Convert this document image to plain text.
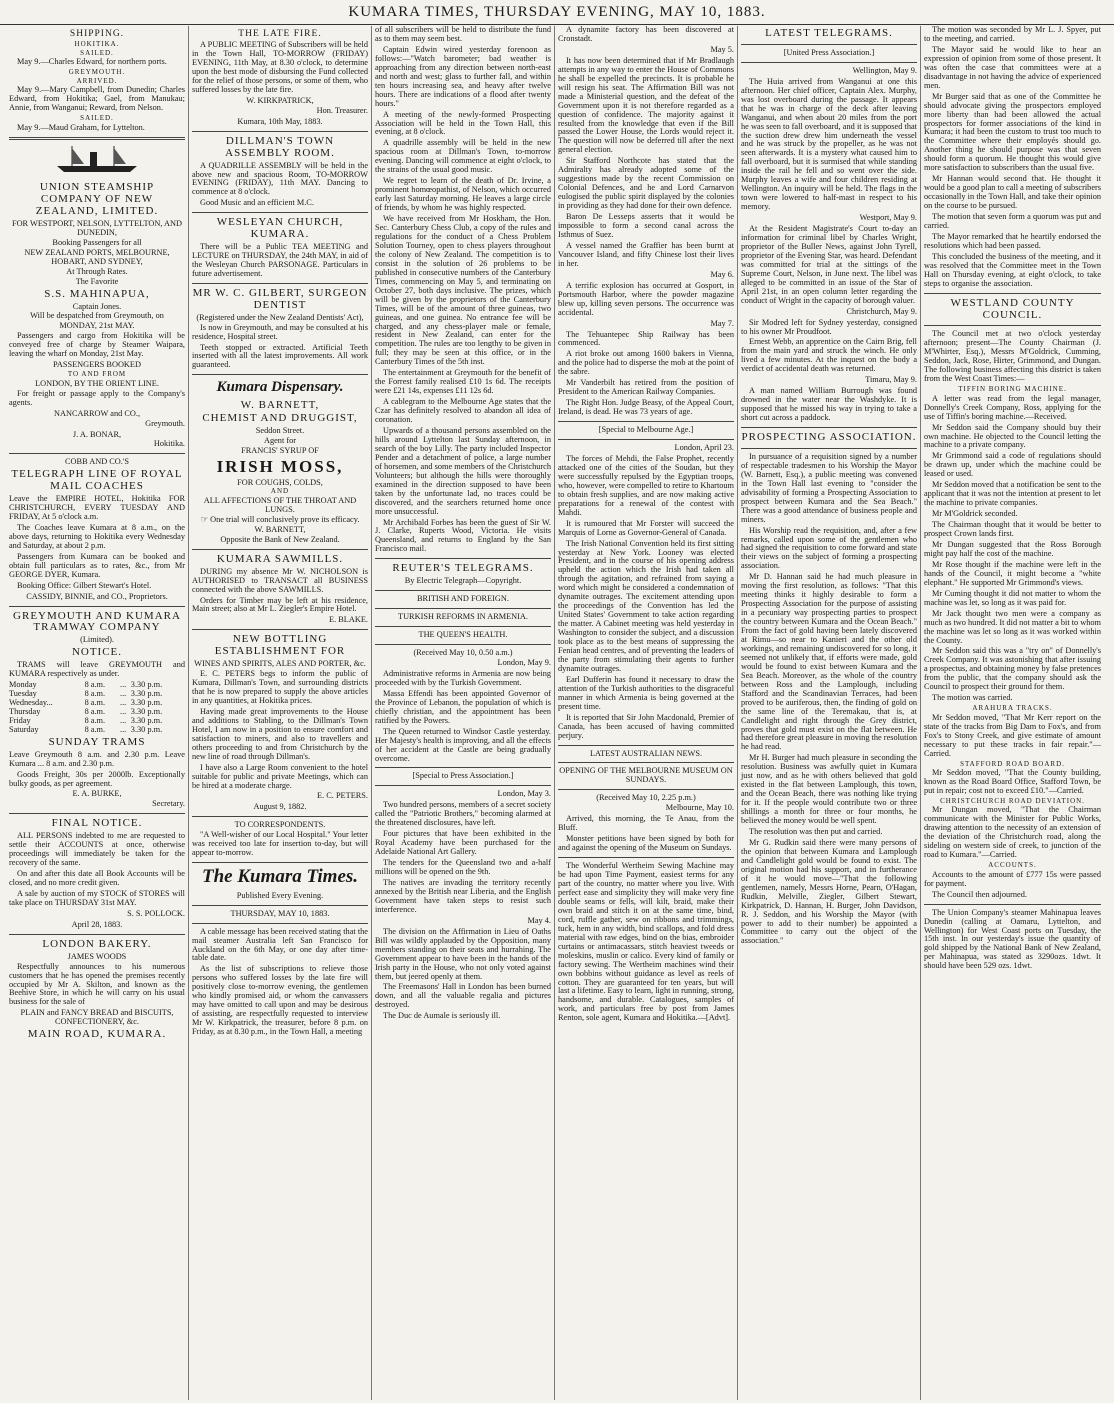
KUMARA TIMES, THURSDAY EVENING, MAY 10, 1883.
SHIPPING.
HOKITIKA.
SAILED.

May 9.—Charles Edward, for northern ports.

GREYMOUTH.
ARRIVED.

May 9.—Mary Campbell, from Dunedin; Charles Edward, from Hokitika; Gael, from Manukau; Annie, from Wanganui; Reward, from Nelson.

SAILED.

May 9.—Maud Graham, for Lyttelton.

UNION STEAMSHIP COMPANY OF NEW ZEALAND, LIMITED.
FOR WESTPORT, NELSON, LYTTELTON, AND DUNEDIN,
Booking Passengers for all
NEW ZEALAND PORTS, MELBOURNE, HOBART, AND SYDNEY,
At Through Rates.
The Favorite
S.S. MAHINAPUA,
Captain Jones.
Will be despatched from Greymouth, on
MONDAY, 21st MAY.

Passengers and cargo from Hokitika will be conveyed free of charge by Steamer Waipara, leaving the wharf on Monday, 21st May.

PASSENGERS BOOKED
TO AND FROM
LONDON, BY THE ORIENT LINE.

For freight or passage apply to the Company's agents.

NANCARROW and CO.,
Greymouth.
J. A. BONAR,
Hokitika.
COBB AND CO.'S
TELEGRAPH LINE OF ROYAL MAIL COACHES

Leave the EMPIRE HOTEL, Hokitika FOR CHRISTCHURCH, EVERY TUESDAY AND FRIDAY, At 5 o'clock a.m.

The Coaches leave Kumara at 8 a.m., on the above days, returning to Hokitika every Wednesday and Saturday, at about 2 p.m.

Passengers from Kumara can be booked and obtain full particulars as to rates, &c., from Mr GEORGE DYER, Kumara.

Booking Office: Gilbert Stewart's Hotel.

CASSIDY, BINNIE, and CO., Proprietors.
GREYMOUTH AND KUMARA TRAMWAY COMPANY
(Limited).
NOTICE.

TRAMS will leave GREYMOUTH and KUMARA respectively as under.

Monday	8 a.m.	...	3.30 p.m.
Tuesday	8 a.m.	...	3.30 p.m.
Wednesday...	8 a.m.	...	3.30 p.m.
Thursday	8 a.m.	...	3.30 p.m.
Friday	8 a.m.	...	3.30 p.m.
Saturday	8 a.m.	...	3.30 p.m.
SUNDAY TRAMS

Leave Greymouth 8 a.m. and 2.30 p.m. Leave Kumara ... 8 a.m. and 2.30 p.m.

Goods Freight, 30s per 2000lb. Exceptionally bulky goods, as per agreement.

E. A. BURKE,
Secretary.
FINAL NOTICE.

ALL PERSONS indebted to me are requested to settle their ACCOUNTS at once, otherwise proceedings will immediately be taken for the recovery of the same.

On and after this date all Book Accounts will be closed, and no more credit given.

A sale by auction of my STOCK of STORES will take place on THURSDAY 31st MAY.

S. S. POLLOCK.
April 28, 1883.
LONDON BAKERY.
JAMES WOODS

Respectfully announces to his numerous customers that he has opened the premises recently occupied by Mr A. Skilton, and known as the Beehive Store, in which he will carry on his usual business for the sale of

PLAIN and FANCY BREAD and BISCUITS, CONFECTIONERY, &c.
MAIN ROAD, KUMARA.
THE LATE FIRE.

A PUBLIC MEETING of Subscribers will be held in the Town Hall, TO-MORROW (FRIDAY) EVENING, 11th May, at 8.30 o'clock, to determine upon the best mode of disbursing the Fund collected for the relief of those persons, or some of them, who suffered losses by the late fire.

W. KIRKPATRICK,
Hon. Treasurer.
Kumara, 10th May, 1883.
DILLMAN'S TOWN ASSEMBLY ROOM.

A QUADRILLE ASSEMBLY will be held in the above new and spacious Room, TO-MORROW EVENING (FRIDAY), 11th MAY. Dancing to commence at 8 o'clock.

Good Music and an efficient M.C.

WESLEYAN CHURCH, KUMARA.

There will be a Public TEA MEETING and LECTURE on THURSDAY, the 24th MAY, in aid of the Wesleyan Church PARSONAGE. Particulars in future advertisement.

MR W. C. GILBERT, SURGEON DENTIST
(Registered under the New Zealand Dentists' Act),

Is now in Greymouth, and may be consulted at his residence, Hospital street.

Teeth stopped or extracted. Artificial Teeth inserted with all the latest improvements. All work guaranteed.

Kumara Dispensary.
W. BARNETT,
CHEMIST AND DRUGGIST,
Seddon Street.
Agent for
FRANCIS' SYRUP OF
IRISH MOSS,
FOR COUGHS, COLDS,
AND
ALL AFFECTIONS OF THE THROAT AND LUNGS.
☞ One trial will conclusively prove its efficacy.
W. BARNETT,
Opposite the Bank of New Zealand.
KUMARA SAWMILLS.

DURING my absence Mr W. NICHOLSON is AUTHORISED to TRANSACT all BUSINESS connected with the above SAWMILLS.

Orders for Timber may be left at his residence, Main street; also at Mr L. Ziegler's Empire Hotel.

E. BLAKE.
NEW BOTTLING ESTABLISHMENT FOR
WINES AND SPIRITS, ALES AND PORTER, &c.

E. C. PETERS begs to inform the public of Kumara, Dillman's Town, and surrounding districts that he is now prepared to supply the above articles in any quantities, at Hokitika prices.

Having made great improvements to the House and additions to Stabling, to the Dillman's Town Hotel, I am now in a position to ensure comfort and satisfaction to miners, and also to travellers and others proceeding to and from Christchurch by the new line of road through Dillman's.

I have also a Large Room convenient to the hotel suitable for public and private Meetings, which can be hired at a moderate charge.

E. C. PETERS.
August 9, 1882.
TO CORRESPONDENTS.

"A Well-wisher of our Local Hospital." Your letter was received too late for insertion to-day, but will appear to-morrow.

The Kumara Times.
Published Every Evening.
THURSDAY, MAY 10, 1883.

A cable message has been received stating that the mail steamer Australia left San Francisco for Auckland on the 6th May, or one day after time-table date.

As the list of subscriptions to relieve those persons who suffered losses by the late fire will positively close to-morrow evening, the gentlemen who kindly promised aid, or whom the canvassers may have omitted to call upon and may be desirous of assisting, are respectfully requested to interview Mr W. Kirkpatrick, the treasurer, before 8 p.m. on Friday, as at 8.30 p.m., in the Town Hall, a meeting

of all subscribers will be held to distribute the fund as to them may seem best.

Captain Edwin wired yesterday forenoon as follows:—"Watch barometer; bad weather is approaching from any direction between north-east and north and west; glass to further fall, and within ten hours increasing sea, and heavy after twelve hours. There are indications of a flood after twenty hours."

A meeting of the newly-formed Prospecting Association will be held in the Town Hall, this evening, at 8 o'clock.

A quadrille assembly will be held in the new spacious room at Dillman's Town, to-morrow evening. Dancing will commence at eight o'clock, to the strains of the usual good music.

We regret to learn of the death of Dr. Irvine, a prominent homœopathist, of Nelson, which occurred early last Saturday morning. He leaves a large circle of friends, by whom he was highly respected.

We have received from Mr Hoskham, the Hon. Sec. Canterbury Chess Club, a copy of the rules and regulations for the conduct of a Chess Problem Solution Tourney, open to chess players throughout the colony of New Zealand. The competition is to consist in the solution of 26 problems to be published in consecutive numbers of the Canterbury Times, commencing on May 5, and terminating on October 27, both days inclusive. The prizes, which will be given by the proprietors of the Canterbury Times, will be of the amount of three guineas, two guineas, and one guinea. No entrance fee will be charged, and any chess-player male or female, resident in New Zealand, can enter for the competition. The rules are too lengthy to be given in full; they may be seen at this office, or in the Canterbury Times of the 5th inst.

The entertainment at Greymouth for the benefit of the Forrest family realised £10 1s 6d. The receipts were £21 14s, expenses £11 12s 6d.

A cablegram to the Melbourne Age states that the Czar has definitely resolved to abandon all idea of coronation.

Upwards of a thousand persons assembled on the hills around Lyttelton last Sunday afternoon, in search of the boy Lilly. The party included Inspector Pender and a detachment of police, a large number of horsemen, and some members of the Christchurch Volunteers; but although the hills were thoroughly examined in the direction supposed to have been taken by the unfortunate lad, no traces could be discovered, and the searchers returned home once more unsuccessful.

Mr Archibald Forbes has been the guest of Sir W. J. Clarke, Ruperts Wood, Victoria. He visits Queensland, and returns to England by the San Francisco mail.

REUTER'S TELEGRAMS.
By Electric Telegraph—Copyright.
BRITISH AND FOREIGN.
TURKISH REFORMS IN ARMENIA.
THE QUEEN'S HEALTH.
(Received May 10, 0.50 a.m.)
London, May 9.

Administrative reforms in Armenia are now being proceeded with by the Turkish Government.

Massa Effendi has been appointed Governor of the Province of Lebanon, the population of which is chiefly christian, and the appointment has been ratified by the Powers.

The Queen returned to Windsor Castle yesterday. Her Majesty's health is improving, and all the effects of her accident at the Castle are being gradually overcome.

[Special to Press Association.]
London, May 3.

Two hundred persons, members of a secret society called the "Patriotic Brothers," becoming alarmed at the threatened disclosures, have left.

Four pictures that have been exhibited in the Royal Academy have been purchased for the Adelaide National Art Gallery.

The tenders for the Queensland two and a-half millions will be opened on the 9th.

The natives are invading the territory recently annexed by the British near Liberia, and the English Government have taken steps to resist such interference.

May 4.

The division on the Affirmation in Lieu of Oaths Bill was wildly applauded by the Opposition, many members standing on their seats and hurrahing. The Government appear to have been in the hands of the Irish party in the House, who not only voted against them, but jeered openly at them.

The Freemasons' Hall in London has been burned down, and all the valuable regalia and pictures destroyed.

The Duc de Aumale is seriously ill.

A dynamite factory has been discovered at Cronstadt.

May 5.

It has now been determined that if Mr Bradlaugh attempts in any way to enter the House of Commons he shall be expelled the precincts. It is probable he will resign his seat. The Affirmation Bill was not made a Ministerial question, and the defeat of the Government upon it is not therefore regarded as a question of confidence. The majority against it resulted from the knowledge that even if the Bill passed the Lower House, the Lords would reject it. The question will now be deferred till after the next general election.

Sir Stafford Northcote has stated that the Admiralty has already adopted some of the suggestions made by the recent Commission on Colonial Defences, and he and Lord Carnarvon eulogised the public spirit displayed by the colonies in providing as they had done for their own defence.

Baron De Lesseps asserts that it would be impossible to form a second canal across the Isthmus of Suez.

A vessel named the Graffier has been burnt at Vancouver Island, and fifty Chinese lost their lives in her.

May 6.

A terrific explosion has occurred at Gosport, in Portsmouth Harbor, where the powder magazine blew up, killing seven persons. The occurrence was accidental.

May 7.

The Tehuantepec Ship Railway has been commenced.

A riot broke out among 1600 bakers in Vienna, and the police had to disperse the mob at the point of the sabre.

Mr Vanderbilt has retired from the position of President to the American Railway Companies.

The Right Hon. Judge Beasy, of the Appeal Court, Ireland, is dead. He was 73 years of age.

[Special to Melbourne Age.]
London, April 23.

The forces of Mehdi, the False Prophet, recently attacked one of the cities of the Soudan, but they were successfully repulsed by the Egyptian troops, who, however, were compelled to retire to Khartoum to obtain fresh supplies, and are now making active preparations for a renewal of the contest with Mahdi.

It is rumoured that Mr Forster will succeed the Marquis of Lorne as Governor-General of Canada.

The Irish National Convention held its first sitting yesterday at New York. Looney was elected President, and in the course of his opening address upheld the action which the Irish had taken all through the agitation, and refrained from saying a word which might be considered a condemnation of dynamite outrages. The excitement attending upon the proceedings of the Convention has led the United States' Government to take action regarding the matter. A Cabinet meeting was held yesterday in Washington to consider the subject, and a discussion took place as to the best means of suppressing the Fenian head centres, and of preventing the leaders of the party from stimulating their agents to further dynamite outrages.

Earl Dufferin has found it necessary to draw the attention of the Turkish authorities to the disgraceful manner in which Armenia is being governed at the present time.

It is reported that Sir John Macdonald, Premier of Canada, has been accused of having committed perjury.

LATEST AUSTRALIAN NEWS.
OPENING OF THE MELBOURNE MUSEUM ON SUNDAYS.
(Received May 10, 2.25 p.m.)
Melbourne, May 10.

Arrived, this morning, the Te Anau, from the Bluff.

Monster petitions have been signed by both for and against the opening of the Museum on Sundays.

The Wonderful Wertheim Sewing Machine may be had upon Time Payment, easiest terms for any part of the country, no matter where you live. With perfect ease and simplicity they will make very fine double seams or fells, will kilt, braid, make their own braid and stitch it on at the same time, bind, cord, ruffle gather, sew on ribbons and trimmings, tuck, hem in any width, bind scallops, and fold dress material with raw edges, bind on the bias, embroider curtains or antimacassars, stitch heaviest tweeds or moleskins, muslin or calico. Every kind of family or factory sewing. The Wertheim machines wind their own bobbins without guidance as level as reels of cotton. They are guaranteed for ten years, but will last a lifetime. Easy to learn, light in running, strong, handsome, and durable. Catalogues, samples of work, and particulars free by post from James Renton, sole agent, Kumara and Hokitika.—[Advt].

LATEST TELEGRAMS.
[United Press Association.]
Wellington, May 9.

The Huia arrived from Wanganui at one this afternoon. Her chief officer, Captain Alex. Murphy, was lost overboard during the passage. It appears that he was in charge of the deck after leaving Wanganui, and when about 20 miles from the port he was seen to fall overboard, and it is supposed that the suction drew drew him underneath the vessel and he was struck by the propeller, as he was not seen afterwards. It is a mystery what caused him to fall overboard, but it is surmised that while standing inside the rail he fell and so went over the side. Murphy leaves a wife and four children residing at Wellington. An inquiry will be held. The flags in the town were lowered to half-mast in respect to his memory.

Westport, May 9.

At the Resident Magistrate's Court to-day an information for criminal libel by Charles Wright, proprietor of the Buller News, against John Tyrell, proprietor of the Evening Star, was heard. Defendant was committed for trial at the sittings of the Supreme Court, Nelson, in June next. The libel was alleged to be committed in an issue of the Star of April 21st, in an open column letter regarding the conduct of Wright in the capacity of borough valuer.

Christchurch, May 9.

Sir Modred left for Sydney yesterday, consigned to his owner Mr Proudfoot.

Ernest Webb, an apprentice on the Cairn Brig, fell from the main yard and struck the winch. He only lived a few minutes. At the inquest on the body a verdict of accidental death was returned.

Timaru, May 9.

A man named William Burrough was found drowned in the water near the Washdyke. It is supposed that he missed his way in trying to take a short cut across a paddock.

PROSPECTING ASSOCIATION.

In pursuance of a requisition signed by a number of respectable tradesmen to his Worship the Mayor (W. Barnett, Esq.), a public meeting was convened in the Town Hall last evening to "consider the advisability of forming a Prospecting Association to prospect between Kumara and the Sea Beach." There was a good attendance of business people and miners.

His Worship read the requisition, and, after a few remarks, called upon some of the gentlemen who had signed the requisition to come forward and state their views on the subject of forming a prospecting association.

Mr D. Hannan said he had much pleasure in moving the first resolution, as follows: "That this meeting thinks it highly desirable to form a Prospecting Association for the purpose of assisting in a pecuniary way prospecting parties to prospect the country between Kumara and the Ocean Beach." From the fact of gold having been lately discovered at Rimu—so near to Kanieri and the other old workings, and remaining undiscovered for so long, it seemed not unlikely that, if efforts were made, gold would be found to exist between Kumara and the Sea Beach. Moreover, as the whole of the country between Ross and the Lamplough, including Stafford and the Scandinavian Terraces, had been proved to be auriferous, then, the finding of gold on the same line of the Teremakau, that is, at Candlelight and right through the Grey district, proves that gold must exist on the flat between. He had therefore great pleasure in moving the resolution he had read.

Mr H. Burger had much pleasure in seconding the resolution. Business was awfully quiet in Kumara just now, and as he with others believed that gold existed in the flat between Lamplough, this town, and the Ocean Beach, there was nothing like trying for it. If the people would contribute two or three shillings a month for three or four months, he believed the money would be well spent.

The resolution was then put and carried.

Mr G. Rudkin said there were many persons of the opinion that between Kumara and Lamplough and Candlelight gold would be found to exist. The original motion had his support, and in furtherance of it he would move—"That the following gentlemen, namely, Messrs Horne, Pearn, O'Hagan, Rudkin, Melville, Ziegler, Gilbert Stewart, Kirkpatrick, D. Hannan, H. Burger, John Davidson, R. J. Seddon, and his Worship the Mayor (with power to add to their number) be appointed a Committee to carry out the object of the association."

The motion was seconded by Mr L. J. Spyer, put to the meeting, and carried.

The Mayor said he would like to hear an expression of opinion from some of those present. It was often the case that committees were at a disadvantage in not having the advice of experienced men.

Mr Burger said that as one of the Committee he should advocate giving the prospectors employed more liberty than had been allowed the actual prospectors for former associations of the kind in Kumara; it had been the custom to trust too much to the Committee where their employés should go. Another thing he should purpose was that seven should form a quorum. He thought this would give more satisfaction to subscribers than the usual five.

Mr Hannan would second that. He thought it would be a good plan to call a meeting of subscribers occasionally in the Town Hall, and take their opinion on the course to be pursued.

The motion that seven form a quorum was put and carried.

The Mayor remarked that he heartily endorsed the resolutions which had been passed.

This concluded the business of the meeting, and it was resolved that the Committee meet in the Town Hall on Thursday evening, at eight o'clock, to take steps to organise the association.

WESTLAND COUNTY COUNCIL.

The Council met at two o'clock yesterday afternoon; present—The County Chairman (J. M'Whirter, Esq.), Messrs M'Goldrick, Cumming, Seddon, Jack, Rose, Hirter, Grimmond, and Dungan. The following business affecting this district is taken from the West Coast Times:—

TIFFIN BORING MACHINE.

A letter was read from the legal manager, Donnelly's Creek Company, Ross, applying for the use of Tiffin's boring machine.—Received.

Mr Seddon said the Company should buy their own machine. He objected to the Council letting the machine to a private company.

Mr Grimmond said a code of regulations should be drawn up, under which the machine could be leased or used.

Mr Seddon moved that a notification be sent to the applicant that it was not the intention at present to let the machine to private companies.

Mr M'Goldrick seconded.

The Chairman thought that it would be better to prospect Crown lands first.

Mr Dungan suggested that the Ross Borough might pay half the cost of the machine.

Mr Rose thought if the machine were left in the hands of the Council, it might become a "white elephant." He supported Mr Grimmond's views.

Mr Cuming thought it did not matter to whom the machine was let, so long as it was paid for.

Mr Jack thought two men were a company as much as two hundred. It did not matter a bit to whom the machine was let so long as it was worked within the County.

Mr Seddon said this was a "try on" of Donnelly's Creek Company. It was astonishing that after issuing a prospectus, and obtaining money by false pretences from the public, that the company should ask the Council to prospect their ground for them.

The motion was carried.

ARAHURA TRACKS.

Mr Seddon moved, "That Mr Kerr report on the state of the tracks from Big Dam to Fox's, and from Fox's to Stony Creek, and give estimate of amount necessary to put these tracks in fair repair."—Carried.

STAFFORD ROAD BOARD.

Mr Seddon moved, "That the County building, known as the Road Board Office, Stafford Town, be put in repair; cost not to exceed £10."—Carried.

CHRISTCHURCH ROAD DEVIATION.

Mr Dungan moved, "That the Chairman communicate with the Minister for Public Works, drawing attention to the necessity of an extension of the deviation of the Christchurch road, along the sideling on western side of creek, to junction of the road to Kumara."—Carried.

ACCOUNTS.

Accounts to the amount of £777 15s were passed for payment.

The Council then adjourned.

The Union Company's steamer Mahinapua leaves Dunedin (calling at Oamaru, Lyttelton, and Wellington) for West Coast ports on Tuesday, the 15th inst. In our yesterday's issue the quantity of gold shipped by the National Bank of New Zealand, per Mahinapua, was stated as 3290ozs. 1dwt. It should have been 529 ozs. 1dwt.
